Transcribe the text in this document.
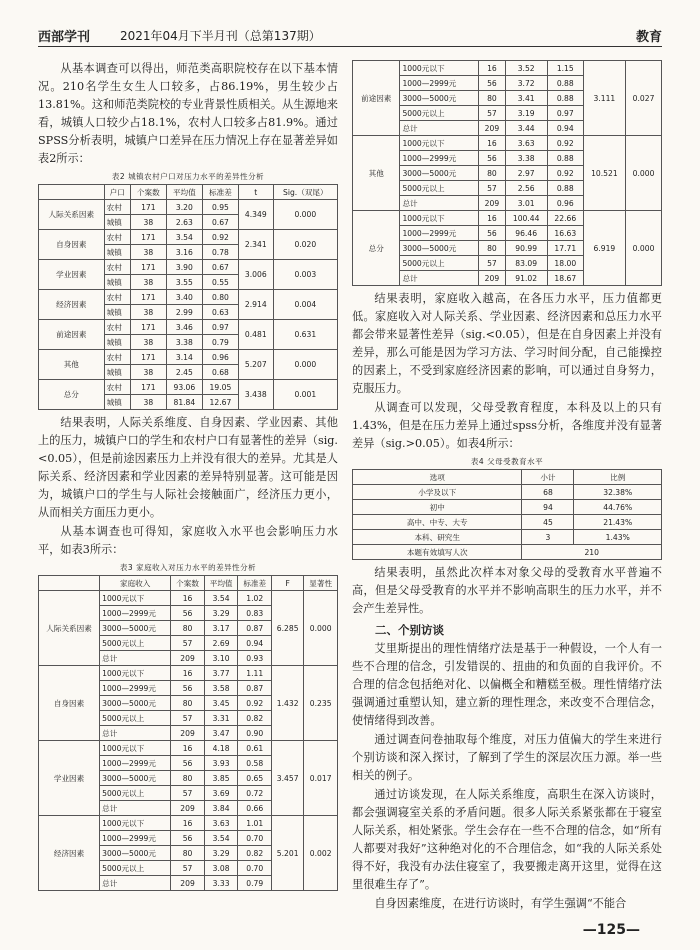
西部学刊 2021年04月下半月刊（总第137期）	教育

从基本调查可以得出，师范类高职院校存在以下基本情况。210名学生女生人口较多，占86.19%，男生较少占13.81%。这和师范类院校的专业背景性质相关。从生源地来看，城镇人口较少占18.1%，农村人口较多占81.9%。通过SPSS分析表明，城镇户口差异在压力情况上存在显著差异如表2所示：

表2 城镇农村户口对压力水平的差异性分析
	户口	个案数	平均值	标准差	t	Sig.（双尾）
人际关系因素	农村	171	3.20	0.95	4.349	0.000
	城镇	38	2.63	0.67		
自身因素	农村	171	3.54	0.92	2.341	0.020
	城镇	38	3.16	0.78		
学业因素	农村	171	3.90	0.67	3.006	0.003
	城镇	38	3.55	0.55		
经济因素	农村	171	3.40	0.80	2.914	0.004
	城镇	38	2.99	0.63		
前途因素	农村	171	3.46	0.97	0.481	0.631
	城镇	38	3.38	0.79		
其他	农村	171	3.14	0.96	5.207	0.000
	城镇	38	2.45	0.68		
总分	农村	171	93.06	19.05	3.438	0.001
	城镇	38	81.84	12.67		

结果表明，人际关系维度、自身因素、学业因素、其他上的压力，城镇户口的学生和农村户口有显著性的差异（sig.<0.05），但是前途因素压力上并没有很大的差异。尤其是人际关系、经济因素和学业因素的差异特别显著。这可能是因为，城镇户口的学生与人际社会接触面广，经济压力更小，从而相关方面压力更小。

从基本调查也可得知，家庭收入水平也会影响压力水平，如表3所示：

表3 家庭收入对压力水平的差异性分析
	家庭收入	个案数	平均值	标准差	F	显著性
人际关系因素	1000元以下	16	3.54	1.02	6.285	0.000
	1000—2999元	56	3.29	0.83		
	3000—5000元	80	3.17	0.87		
	5000元以上	57	2.69	0.94		
	总计	209	3.10	0.93		
自身因素	1000元以下	16	3.77	1.11	1.432	0.235
	1000—2999元	56	3.58	0.87		
	3000—5000元	80	3.45	0.92		
	5000元以上	57	3.31	0.82		
	总计	209	3.47	0.90		
学业因素	1000元以下	16	4.18	0.61	3.457	0.017
	1000—2999元	56	3.93	0.58		
	3000—5000元	80	3.85	0.65		
	5000元以上	57	3.69	0.72		
	总计	209	3.84	0.66		
经济因素	1000元以下	16	3.63	1.01	5.201	0.002
	1000—2999元	56	3.54	0.70		
	3000—5000元	80	3.29	0.82		
	5000元以上	57	3.08	0.70		
	总计	209	3.33	0.79		
前途因素	1000元以下	16	3.52	1.15	3.111	0.027
	1000—2999元	56	3.72	0.88		
	3000—5000元	80	3.41	0.88		
	5000元以上	57	3.19	0.97		
	总计	209	3.44	0.94		
其他	1000元以下	16	3.63	0.92	10.521	0.000
	1000—2999元	56	3.38	0.88		
	3000—5000元	80	2.97	0.92		
	5000元以上	57	2.56	0.88		
	总计	209	3.01	0.96		
总分	1000元以下	16	100.44	22.66	6.919	0.000
	1000—2999元	56	96.46	16.63		
	3000—5000元	80	90.99	17.71		
	5000元以上	57	83.09	18.00		
	总计	209	91.02	18.67		

结果表明，家庭收入越高，在各压力水平，压力值都更低。家庭收入对人际关系、学业因素、经济因素和总压力水平都会带来显著性差异（sig.<0.05），但是在自身因素上并没有差异，那么可能是因为学习方法、学习时间分配，自己能操控的因素上，不受到家庭经济因素的影响，可以通过自身努力，克服压力。

从调查可以发现，父母受教育程度，本科及以上的只有1.43%，但是在压力差异上通过spss分析，各维度并没有显著差异（sig.>0.05）。如表4所示：

表4 父母受教育水平
选项	小计	比例
小学及以下	68	32.38%
初中	94	44.76%
高中、中专、大专	45	21.43%
本科、研究生	3	1.43%
本题有效填写人次	210	

结果表明，虽然此次样本对象父母的受教育水平普遍不高，但是父母受教育的水平并不影响高职生的压力水平，并不会产生差异性。

二、个别访谈

艾里斯提出的理性情绪疗法是基于一种假设，一个人有一些不合理的信念，引发错误的、扭曲的和负面的自我评价。不合理的信念包括绝对化、以偏概全和糟糕至极。理性情绪疗法强调通过重塑认知，建立新的理性理念，来改变不合理信念，使情绪得到改善。

通过调查问卷抽取每个维度，对压力值偏大的学生来进行个别访谈和深入探讨，了解到了学生的深层次压力源。举一些相关的例子。

通过访谈发现，在人际关系维度，高职生在深入访谈时，都会强调寝室关系的矛盾问题。很多人际关系紧张都在于寝室人际关系，相处紧张。学生会存在一些不合理的信念，如“所有人都要对我好”这种绝对化的不合理信念，如“我的人际关系处得不好，我没有办法住寝室了，我要搬走离开这里，觉得在这里很难生存了”。

自身因素维度，在进行访谈时，有学生强调“不能合

—125—
